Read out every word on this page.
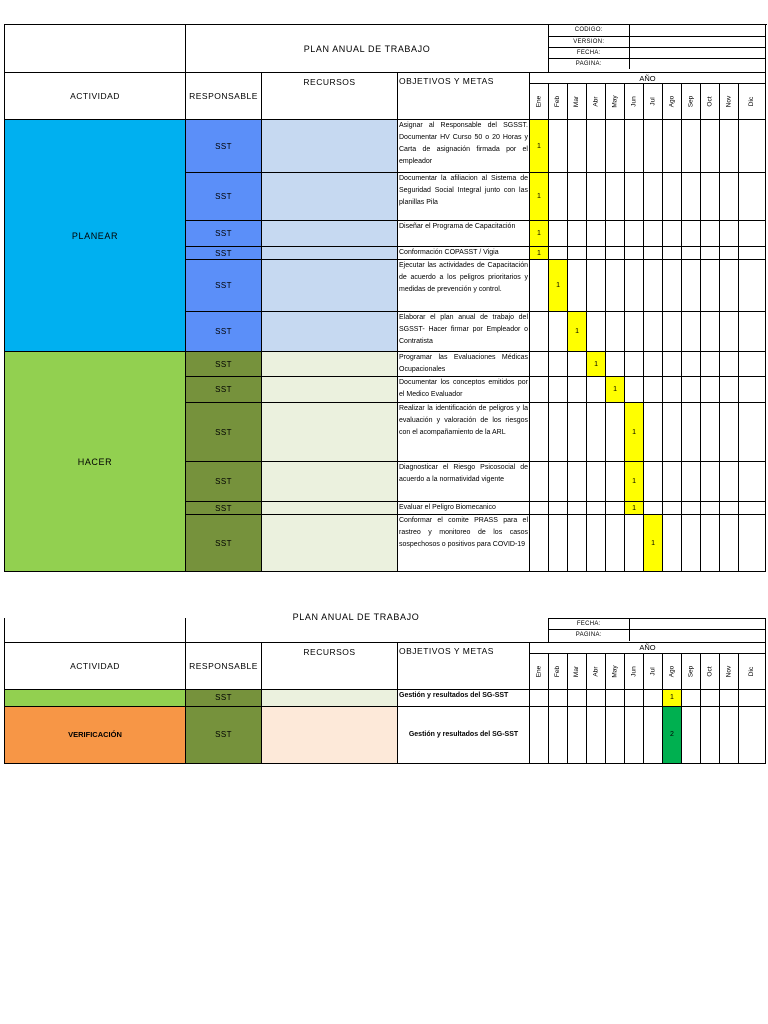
	PLAN ANUAL DE TRABAJO	
CODIGO:	
VERSION:	
FECHA:	
PAGINA:	

ACTIVIDAD	RESPONSABLE	RECURSOS	OBJETIVOS Y METAS	AÑO
Ene	Feb	Mar	Abr	May	Jun	Jul	Ago	Sep	Oct	Nov	Dic
PLANEAR	SST		Asignar al Responsable del SGSST. Documentar HV Curso 50 o 20 Horas y Carta de asignación firmada por el empleador	1											
SST		Documentar la afiliacion al Sistema de Seguridad Social Integral junto con las planillas Pila	1											
SST		Diseñar el Programa de Capacitación	1											
SST		Conformación COPASST / Vigia	1											
SST		Ejecutar las actividades de Capacitación de acuerdo a los peligros prioritarios y medidas de prevención y control.		1										
SST		Elaborar el plan anual de trabajo del SGSST- Hacer firmar por Empleador o Contratista			1									
HACER	SST		Programar las Evaluaciones Médicas Ocupacionales				1								
SST		Documentar los conceptos emitidos por el Medico Evaluador					1							
SST		Realizar la identificación de peligros y la evaluación y valoración de los riesgos con el acompañamiento de la ARL						1						
SST		Diagnosticar el Riesgo Psicosocial de acuerdo a la normatividad vigente						1						
SST		Evaluar el Peligro Biomecanico						1						
SST		Conformar el comite PRASS para el rastreo y monitoreo de los casos sospechosos o positivos para COVID-19							1					
PLAN ANUAL DE TRABAJO

FECHA:	
PAGINA:	

ACTIVIDAD	RESPONSABLE	RECURSOS	OBJETIVOS Y METAS	AÑO
Ene	Feb	Mar	Abr	May	Jun	Jul	Ago	Sep	Oct	Nov	Dic
	SST		Gestión y resultados del SG-SST								1				
VERIFICACIÓN	SST		Gestión y resultados del SG-SST								2				
